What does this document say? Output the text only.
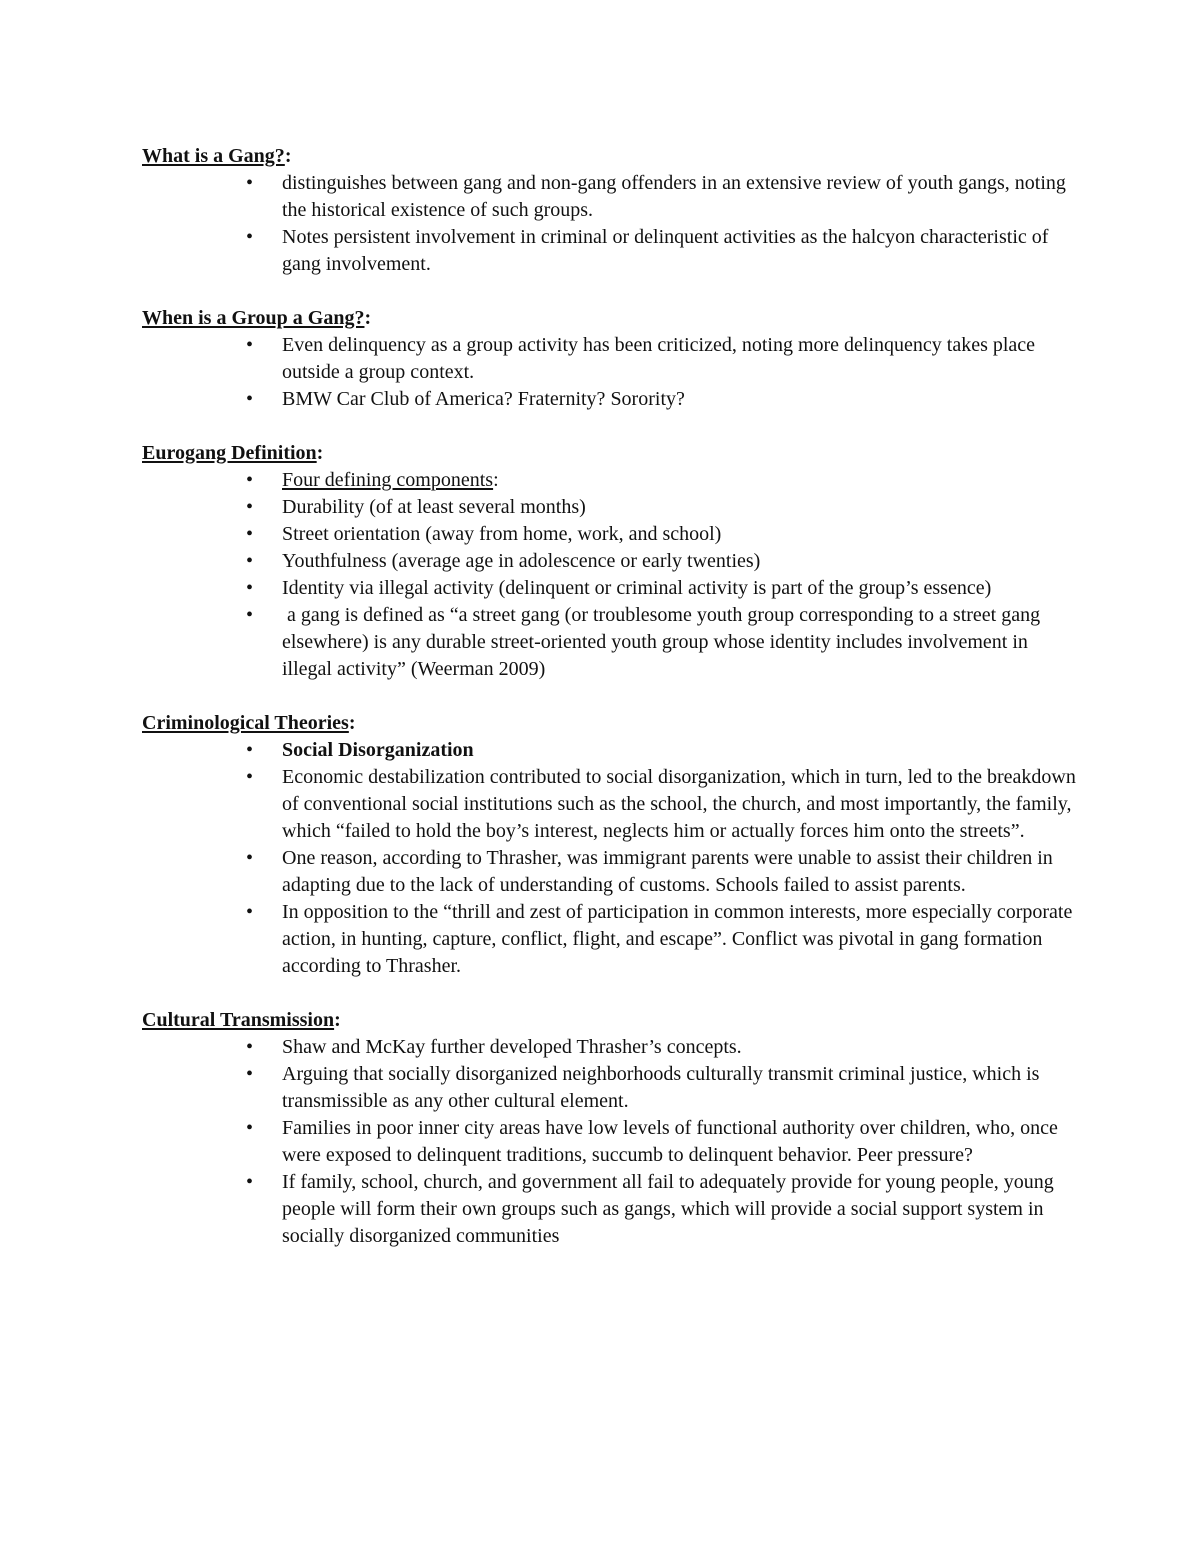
What is a Gang?:

• distinguishes between gang and non-gang offenders in an extensive review of youth gangs, noting the historical existence of such groups.
• Notes persistent involvement in criminal or delinquent activities as the halcyon characteristic of gang involvement.

When is a Group a Gang?:

• Even delinquency as a group activity has been criticized, noting more delinquency takes place outside a group context.
• BMW Car Club of America? Fraternity? Sorority?

Eurogang Definition:

• Four defining components:
• Durability (of at least several months)
• Street orientation (away from home, work, and school)
• Youthfulness (average age in adolescence or early twenties)
• Identity via illegal activity (delinquent or criminal activity is part of the group’s essence)
• a gang is defined as “a street gang (or troublesome youth group corresponding to a street gang elsewhere) is any durable street-oriented youth group whose identity includes involvement in illegal activity” (Weerman 2009)

Criminological Theories:

• Social Disorganization
• Economic destabilization contributed to social disorganization, which in turn, led to the breakdown of conventional social institutions such as the school, the church, and most importantly, the family, which “failed to hold the boy’s interest, neglects him or actually forces him onto the streets”.
• One reason, according to Thrasher, was immigrant parents were unable to assist their children in adapting due to the lack of understanding of customs. Schools failed to assist parents.
• In opposition to the “thrill and zest of participation in common interests, more especially corporate action, in hunting, capture, conflict, flight, and escape”. Conflict was pivotal in gang formation according to Thrasher.

Cultural Transmission:

• Shaw and McKay further developed Thrasher’s concepts.
• Arguing that socially disorganized neighborhoods culturally transmit criminal justice, which is transmissible as any other cultural element.
• Families in poor inner city areas have low levels of functional authority over children, who, once were exposed to delinquent traditions, succumb to delinquent behavior. Peer pressure?
• If family, school, church, and government all fail to adequately provide for young people, young people will form their own groups such as gangs, which will provide a social support system in socially disorganized communities
